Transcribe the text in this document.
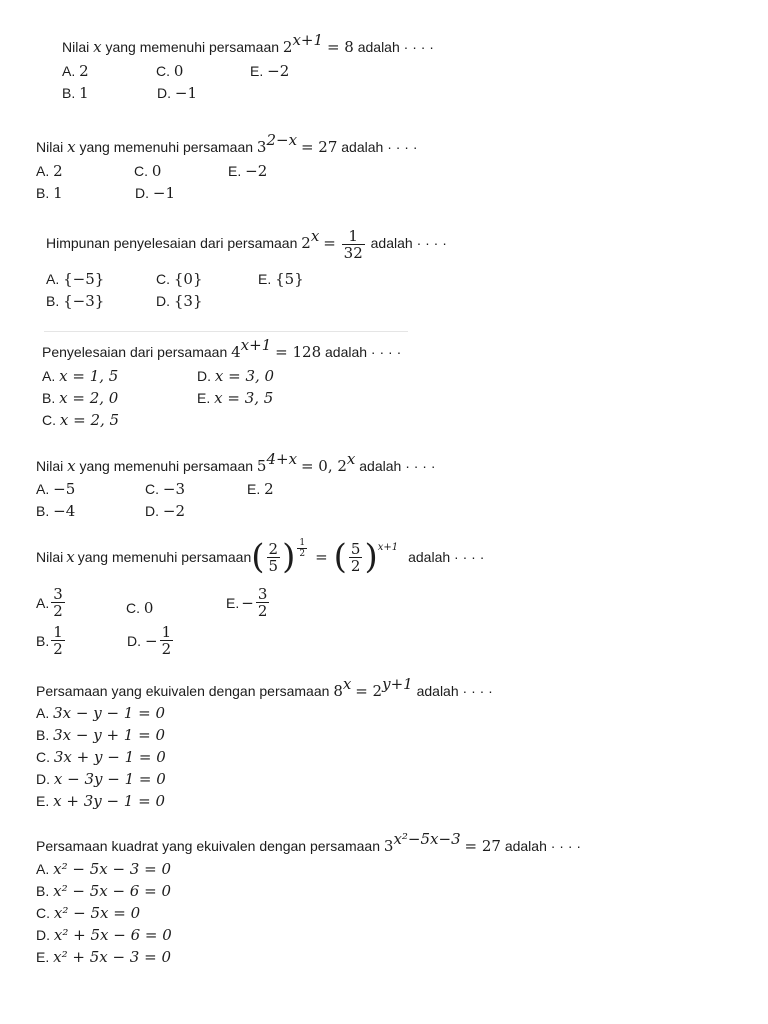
Nilai x yang memenuhi persamaan $2^{x+1} = 8$ adalah · · · ·
A. 2
B. 1
C. 0
D. −1
E. −2
Nilai x yang memenuhi persamaan $3^{2-x} = 27$ adalah · · · ·
A. 2
B. 1
C. 0
D. −1
E. −2
Himpunan penyelesaian dari persamaan $2^x = \frac{1}{32}$ adalah · · · ·
A. {−5}
B. {−3}
C. {0}
D. {3}
E. {5}
Penyelesaian dari persamaan $4^{x+1} = 128$ adalah · · · ·
A. x = 1, 5
B. x = 2, 0
C. x = 2, 5
D. x = 3, 0
E. x = 3, 5
Nilai x yang memenuhi persamaan $5^{4+x} = 0$, 2$^x$ adalah · · · ·
A. −5
B. −4
C. −3
D. −2
E. 2
Nilai x yang memenuhi persamaan ( $\frac{2}{5}$ ) $\frac{1}{2}$ = ( $\frac{5}{2}$ ) x+1
adalah · · · ·
A. $\frac{3}{2}$
B. $\frac{1}{2}$
C. 0
D. − $\frac{1}{2}$
E. − $\frac{3}{2}$
Persamaan yang ekuivalen dengan persamaan $8^x = 2^{y+1}$ adalah · · · ·
A. 3x − y − 1 = 0
B. 3x − y + 1 = 0
C. 3x + y − 1 = 0
D. x − 3y − 1 = 0
E. x + 3y − 1 = 0
Persamaan kuadrat yang ekuivalen dengan persamaan $3^{x^2-5x-3} = 27$ adalah · · · ·
A. x² − 5x − 3 = 0
B. x² − 5x − 6 = 0
C. x² − 5x = 0
D. x² + 5x − 6 = 0
E. x² + 5x − 3 = 0
